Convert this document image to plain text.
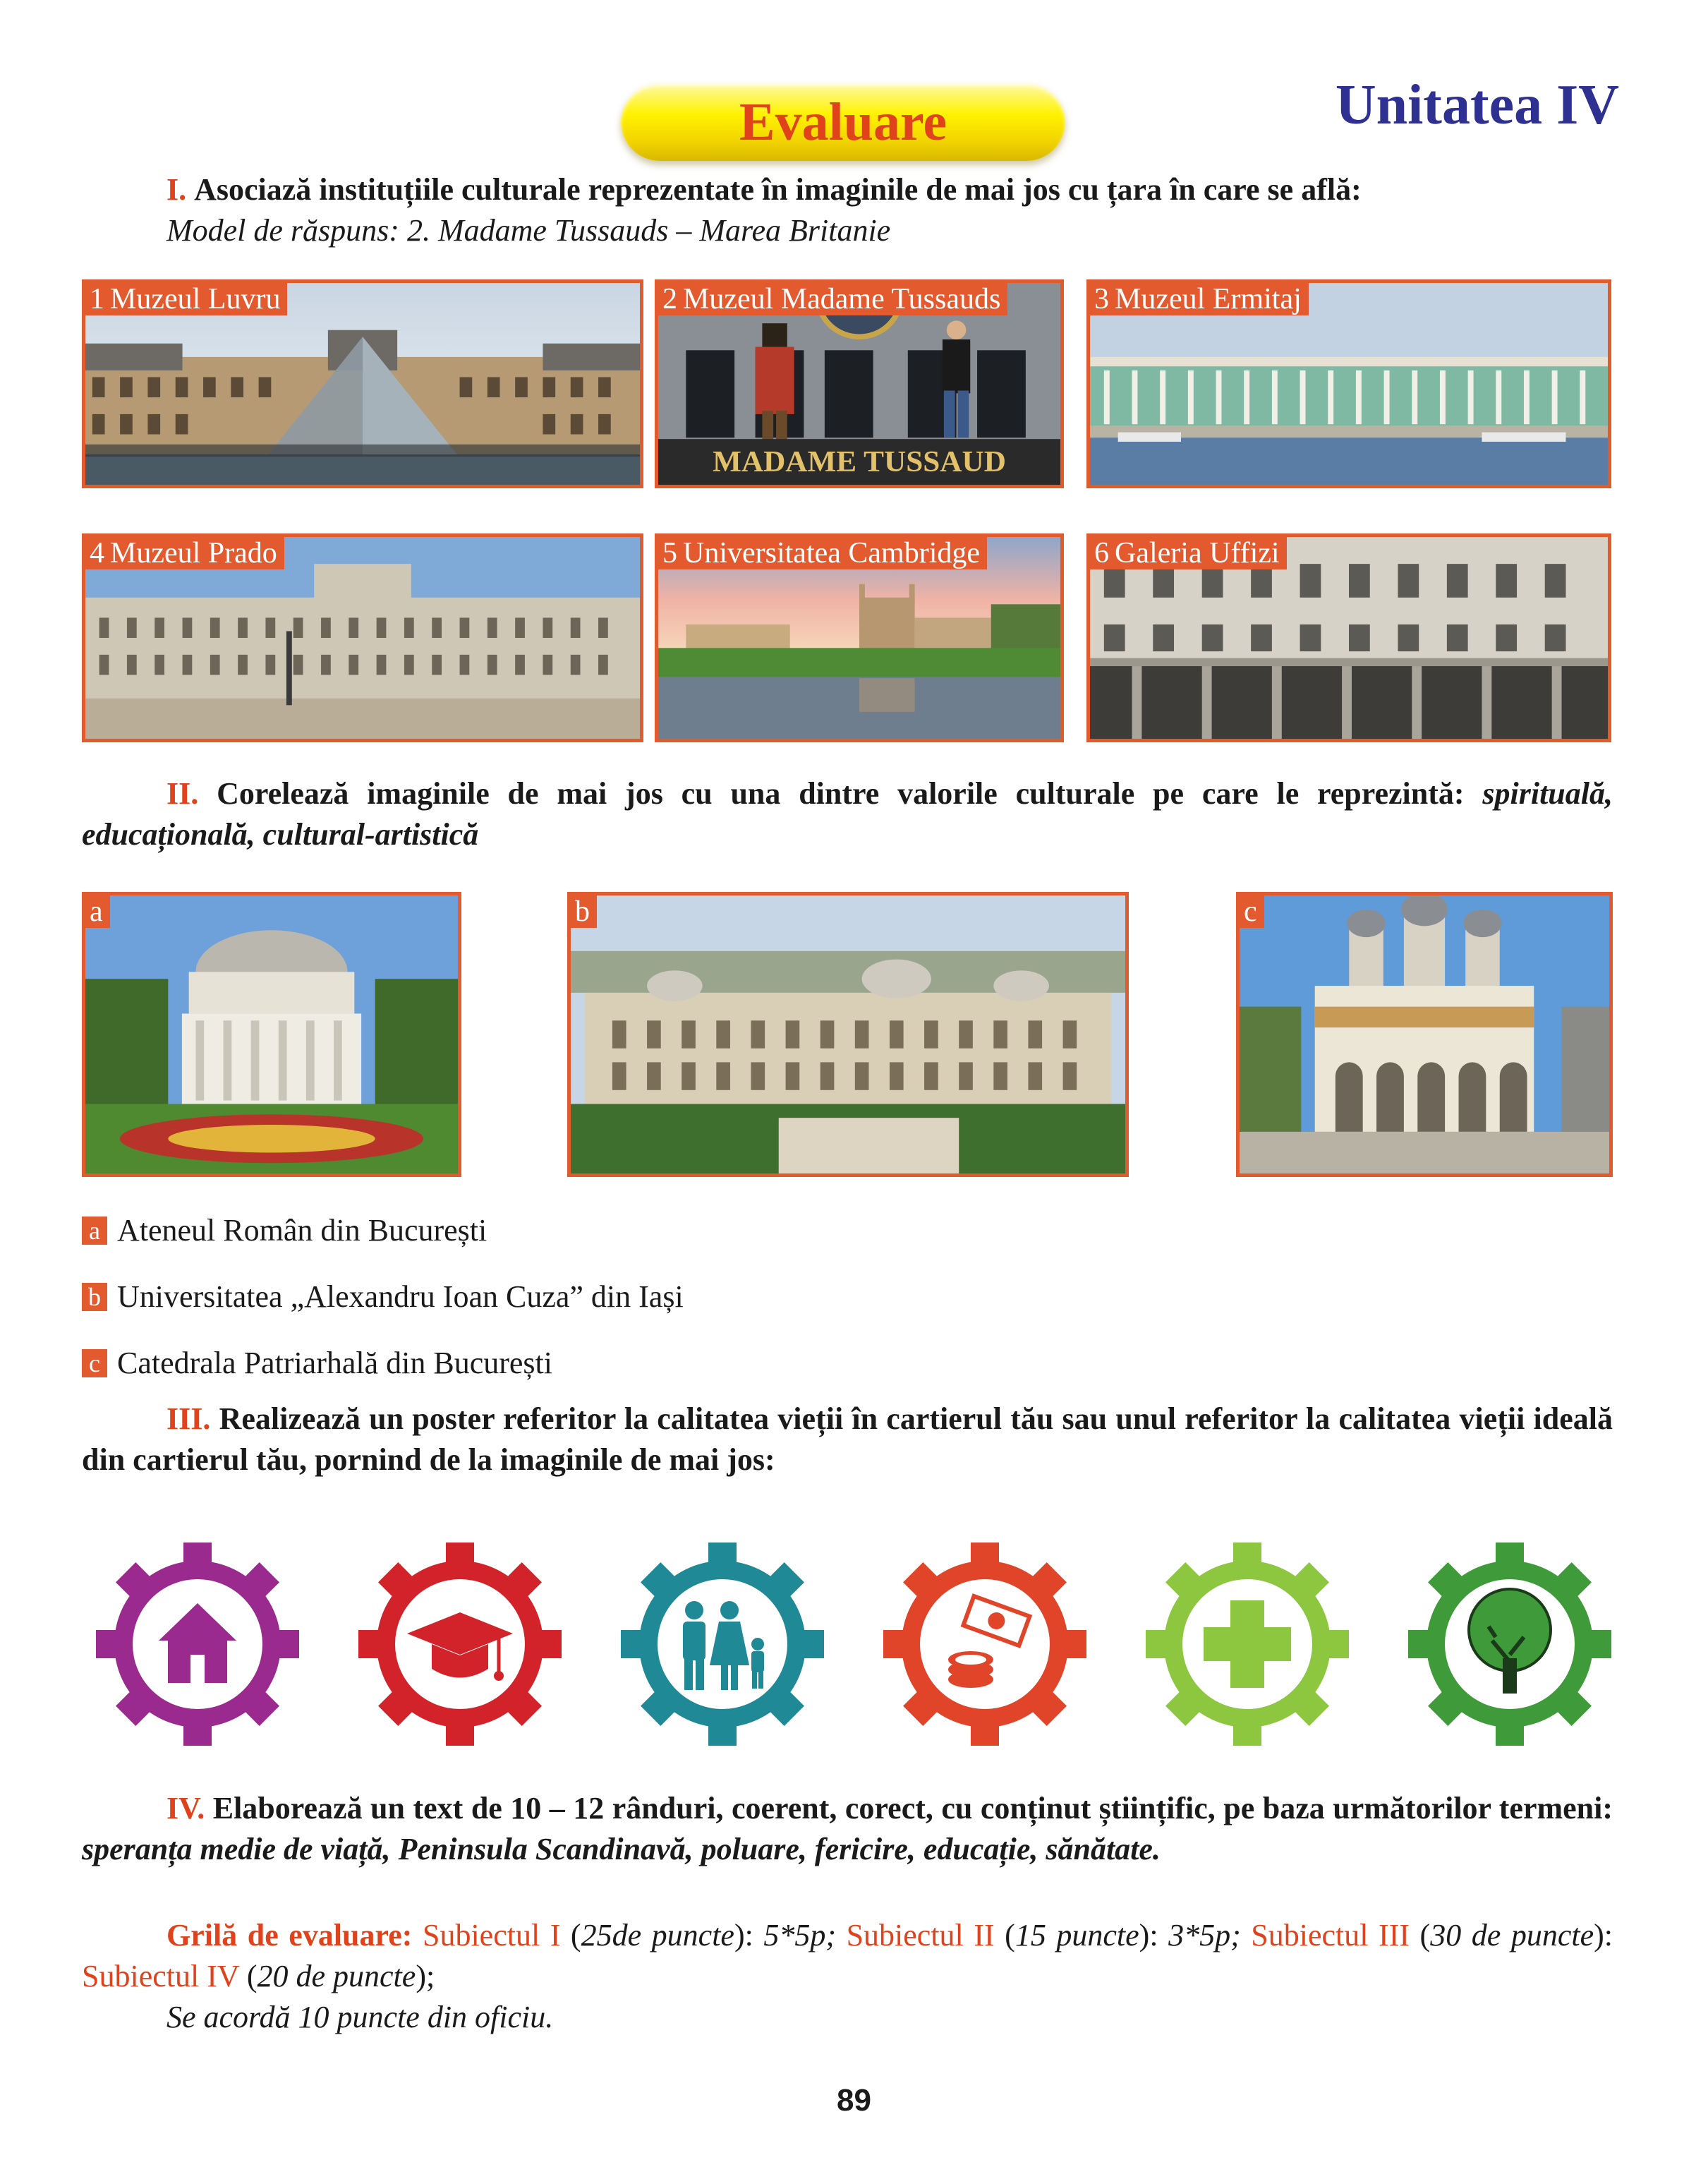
Evaluare	Unitatea IV
I. Asociază instituțiile culturale reprezentate în imaginile de mai jos cu țara în care se află:
Model de răspuns: 2. Madame Tussauds – Marea Britanie
1 Muzeul Luvru
MADAME TUSSAUD
2 Muzeul Madame Tussauds	3 Muzeul Ermitaj
4 Muzeul Prado	5 Universitatea Cambridge	6 Galeria Uffizi
II. Corelează imaginile de mai jos cu una dintre valorile culturale pe care le reprezintă: spirituală, educațională, cultural-artistică
a	b	c
a Ateneul Român din București
b Universitatea „Alexandru Ioan Cuza” din Iași
c Catedrala Patriarhală din București
III. Realizează un poster referitor la calitatea vieții în cartierul tău sau unul referitor la calitatea vieții ideală din cartierul tău, pornind de la imaginile de mai jos:
IV. Elaborează un text de 10 – 12 rânduri, coerent, corect, cu conținut științific, pe baza următorilor termeni: speranța medie de viață, Peninsula Scandinavă, poluare, fericire, educație, sănătate.
Grilă de evaluare: Subiectul I (25de puncte): 5*5p; Subiectul II (15 puncte): 3*5p; Subiectul III (30 de puncte): Subiectul IV (20 de puncte);
Se acordă 10 puncte din oficiu.
89
